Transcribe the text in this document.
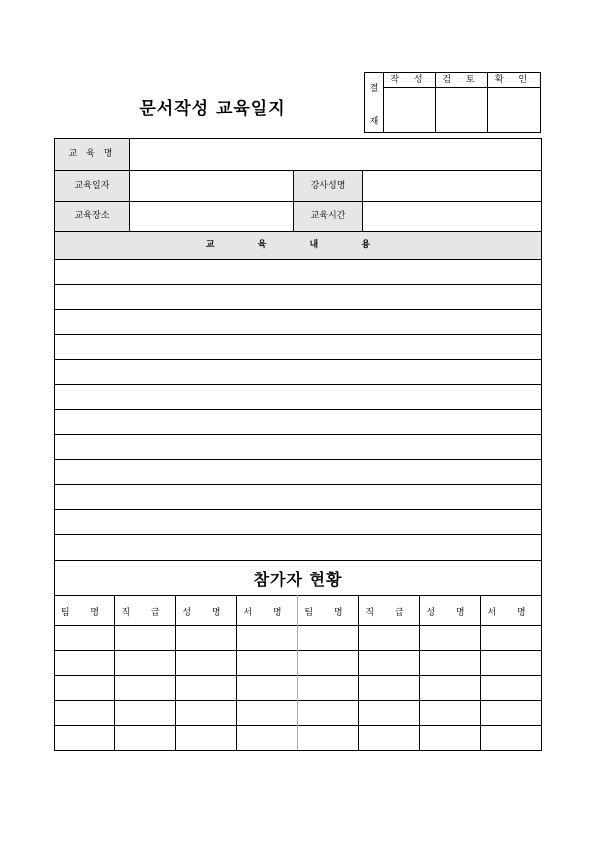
문서작성 교육일지
결
재
작 성	검 토	확 인
교 육 명
교육일자	강사성명
교육장소	교육시간
교 육 내 용
참가자 현황
팀 명	직 급	성 명	서 명	팀 명	직 급	성 명	서 명
